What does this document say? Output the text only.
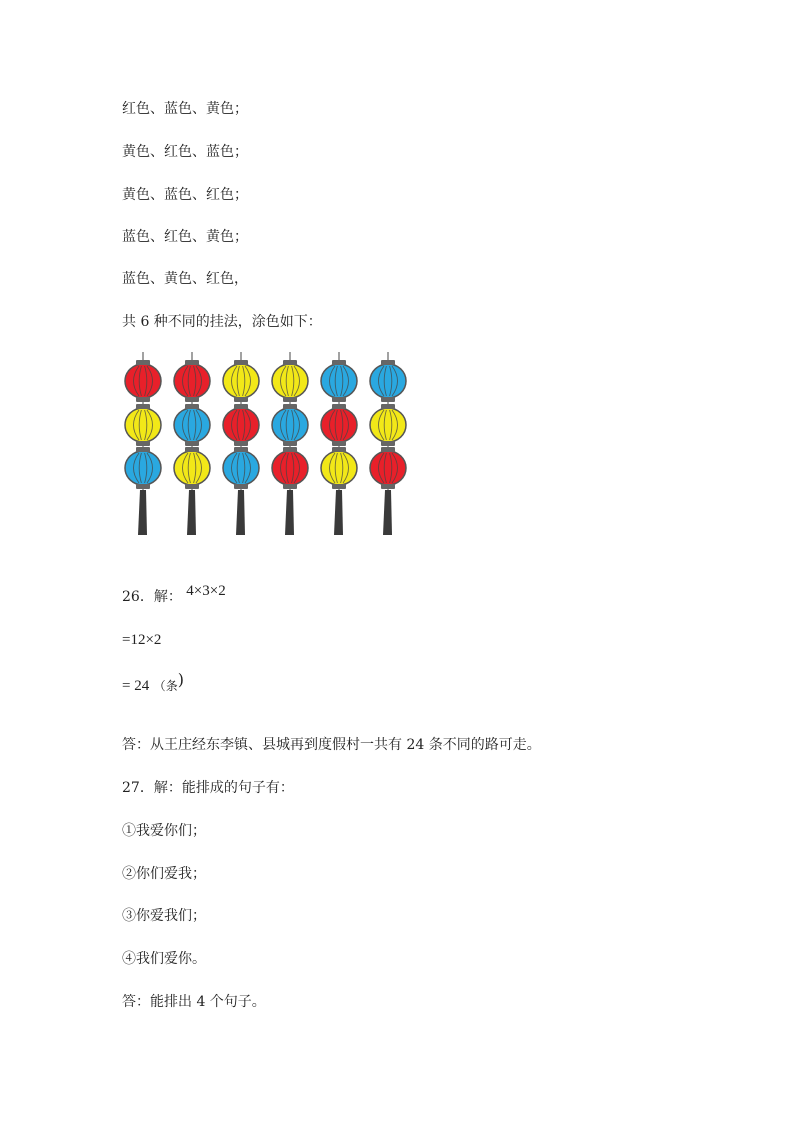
红色、蓝色、黄色；
黄色、红色、蓝色；
黄色、蓝色、红色；
蓝色、红色、黄色；
蓝色、黄色、红色，
共 6 种不同的挂法，涂色如下：
26．解： 4×3×2
=12×2
= 24 （条)
答：从王庄经东李镇、县城再到度假村一共有 24 条不同的路可走。
27．解：能排成的句子有：
①我爱你们；
②你们爱我；
③你爱我们；
④我们爱你。
答：能排出 4 个句子。
